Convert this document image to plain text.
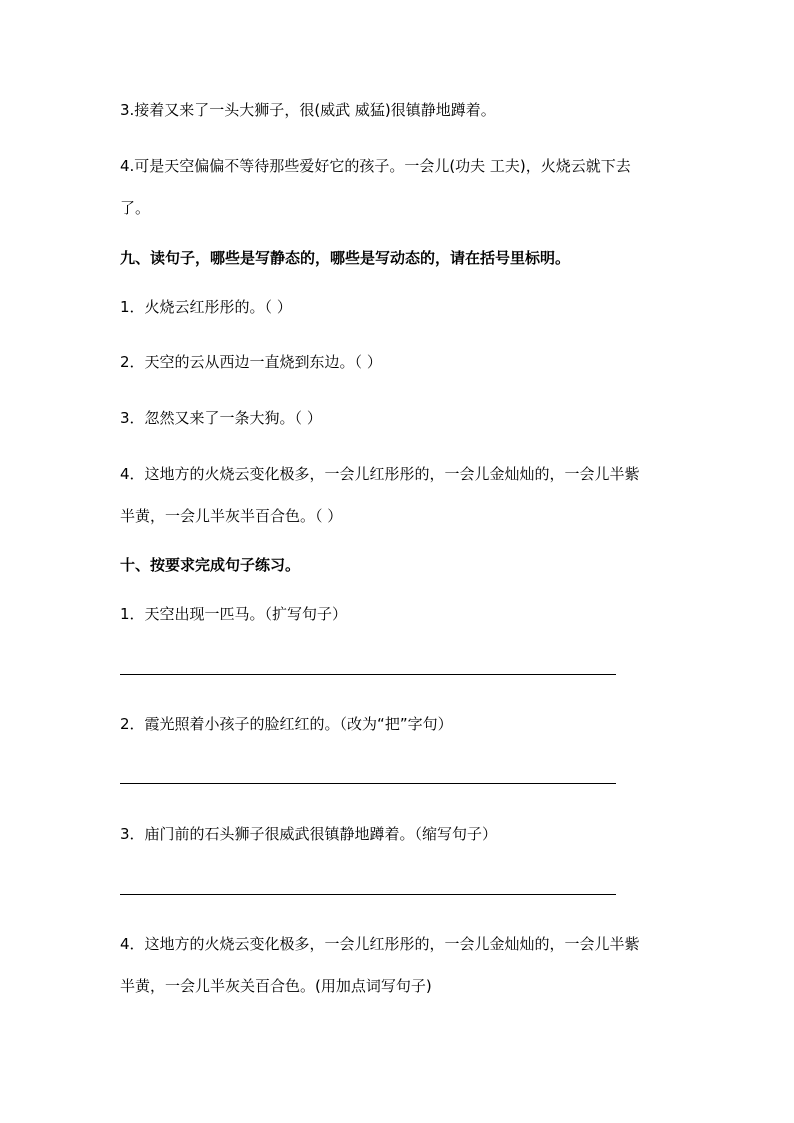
3.接着又来了一头大狮子，很(威武 威猛)很镇静地蹲着。
4.可是天空偏偏不等待那些爱好它的孩子。一会儿(功夫 工夫)，火烧云就下去
了。
九、读句子，哪些是写静态的，哪些是写动态的，请在括号里标明。
1．火烧云红彤彤的。（ ）
2．天空的云从西边一直烧到东边。（ ）
3．忽然又来了一条大狗。（ ）
4．这地方的火烧云变化极多，一会儿红彤彤的，一会儿金灿灿的，一会儿半紫
半黄，一会儿半灰半百合色。（ ）
十、按要求完成句子练习。
1．天空出现一匹马。（扩写句子）
2．霞光照着小孩子的脸红红的。（改为“把”字句）
3．庙门前的石头狮子很威武很镇静地蹲着。（缩写句子）
4．这地方的火烧云变化极多，一会儿红彤彤的，一会儿金灿灿的，一会儿半紫
半黄，一会儿半灰关百合色。(用加点词写句子)
